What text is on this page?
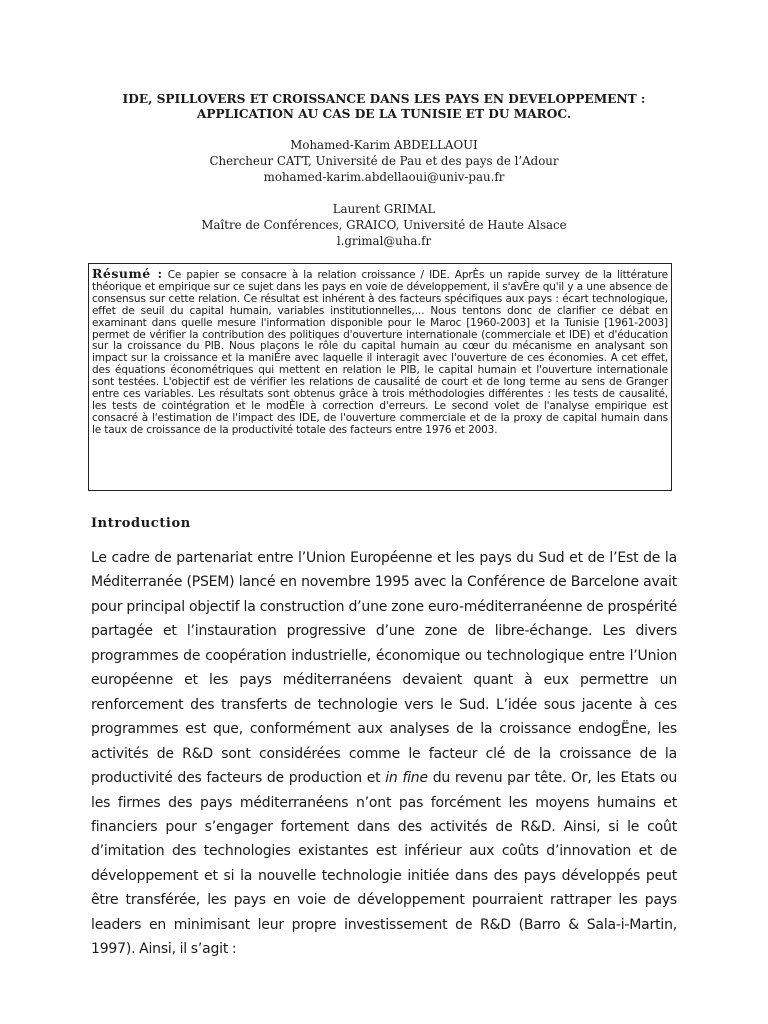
IDE, SPILLOVERS ET CROISSANCE DANS LES PAYS EN DEVELOPPEMENT :
APPLICATION AU CAS DE LA TUNISIE ET DU MAROC.
Mohamed-Karim ABDELLAOUI
Chercheur CATT, Université de Pau et des pays de l’Adour
mohamed-karim.abdellaoui@univ-pau.fr
Laurent GRIMAL
Maître de Conférences, GRAICO, Université de Haute Alsace
l.grimal@uha.fr
Résumé : Ce papier se consacre à la relation croissance / IDE. AprÈs un rapide survey de la littérature théorique et empirique sur ce sujet dans les pays en voie de développement, il s'avÈre qu'il y a une absence de consensus sur cette relation. Ce résultat est inhérent à des facteurs spécifiques aux pays : écart technologique, effet de seuil du capital humain, variables institutionnelles,... Nous tentons donc de clarifier ce débat en examinant dans quelle mesure l'information disponible pour le Maroc [1960-2003] et la Tunisie [1961-2003] permet de vérifier la contribution des politiques d'ouverture internationale (commerciale et IDE) et d'éducation sur la croissance du PIB. Nous plaçons le rôle du capital humain au cœur du mécanisme en analysant son impact sur la croissance et la maniÈre avec laquelle il interagit avec l'ouverture de ces économies. A cet effet, des équations économétriques qui mettent en relation le PIB, le capital humain et l'ouverture internationale sont testées. L'objectif est de vérifier les relations de causalité de court et de long terme au sens de Granger entre ces variables. Les résultats sont obtenus grâce à trois méthodologies différentes : les tests de causalité, les tests de cointégration et le modÈle à correction d'erreurs. Le second volet de l'analyse empirique est consacré à l'estimation de l'impact des IDE, de l'ouverture commerciale et de la proxy de capital humain dans le taux de croissance de la productivité totale des facteurs entre 1976 et 2003.
Introduction

Le cadre de partenariat entre l’Union Européenne et les pays du Sud et de l’Est de la Méditerranée (PSEM) lancé en novembre 1995 avec la Conférence de Barcelone avait pour principal objectif la construction d’une zone euro-méditerranéenne de prospérité partagée et l’instauration progressive d’une zone de libre-échange. Les divers programmes de coopération industrielle, économique ou technologique entre l’Union européenne et les pays méditerranéens devaient quant à eux permettre un renforcement des transferts de technologie vers le Sud. L’idée sous jacente à ces programmes est que, conformément aux analyses de la croissance endogËne, les activités de R&D sont considérées comme le facteur clé de la croissance de la productivité des facteurs de production et in fine du revenu par tête. Or, les Etats ou les firmes des pays méditerranéens n’ont pas forcément les moyens humains et financiers pour s’engager fortement dans des activités de R&D. Ainsi, si le coût d’imitation des technologies existantes est inférieur aux coûts d’innovation et de développement et si la nouvelle technologie initiée dans des pays développés peut être transférée, les pays en voie de développement pourraient rattraper les pays leaders en minimisant leur propre investissement de R&D (Barro & Sala-i-Martin, 1997). Ainsi, il s’agit :
